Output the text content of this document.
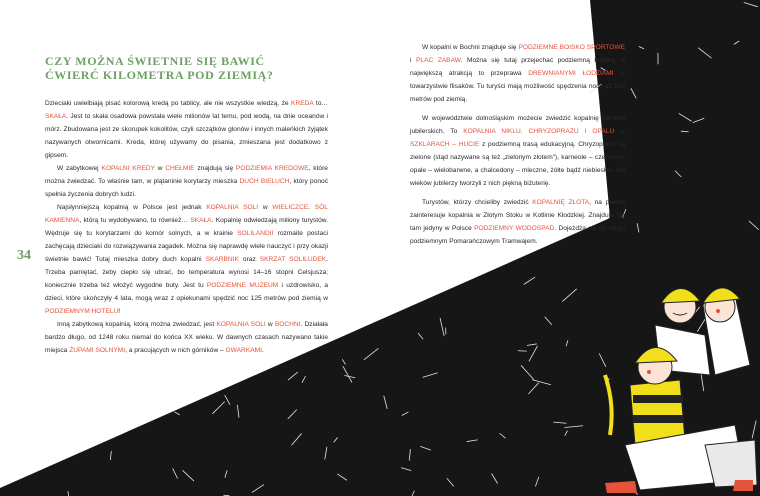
CZY MOŻNA ŚWIETNIE SIĘ BAWIĆ
ĆWIERĆ KILOMETRA POD ZIEMIĄ?
34

Dzieciaki uwielbiają pisać kolorową kredą po tablicy, ale nie wszystkie wiedzą, że KREDA to… SKAŁA. Jest to skała osadowa powstała wiele milionów lat temu, pod wodą, na dnie oceanów i mórz. Zbudowana jest ze skorupek kokolitów, czyli szczątków glonów i innych maleńkich żyjątek nazywanych otwornicami. Kreda, której używamy do pisania, zmieszana jest dodatkowo z gipsem.

W zabytkowej KOPALNI KREDY w CHEŁMIE znajdują się PODZIEMIA KREDOWE, które można zwiedzać. To właśnie tam, w plątaninie korytarzy mieszka DUCH BIELUCH, który ponoć spełnia życzenia dobrych ludzi.

Najsłynniejszą kopalnią w Polsce jest jednak KOPALNIA SOLI w WIELICZCE. SÓL KAMIENNA, którą tu wydobywano, to również… SKAŁA. Kopalnię odwiedzają miliony turystów. Wędruje się tu korytarzami do komór solnych, a w krainie SOLILANDII rozmaite postaci zachęcają dzieciaki do rozwiązywania zagadek. Można się naprawdę wiele nauczyć i przy okazji świetnie bawić! Tutaj mieszka dobry duch kopalni SKARBNIK oraz SKRZAT SOLILUDEK. Trzeba pamiętać, żeby ciepło się ubrać, bo temperatura wynosi 14–16 stopni Celsjusza; koniecznie trzeba też włożyć wygodne buty. Jest tu PODZIEMNE MUZEUM i uzdrowisko, a dzieci, które skończyły 4 lata, mogą wraz z opiekunami spędzić noc 125 metrów pod ziemią w PODZIEMNYM HOTELU!

Inną zabytkową kopalnią, którą można zwiedzać, jest KOPALNIA SOLI w BOCHNI. Działała bardzo długo, od 1248 roku niemal do końca XX wieku. W dawnych czasach nazywano takie miejsca ŻUPAMI SOLNYMI, a pracujących w nich górników – GWARKAMI.

W kopalni w Bochni znajduje się PODZIEMNE BOISKO SPORTOWE i PLAC ZABAW. Można się tutaj przejechać podziemną kolejką, a największą atrakcją to przeprawa DREWNIANYMI ŁODZIAMI w towarzystwie flisaków. Tu turyści mają możliwość spędzenia nocy aż 250 metrów pod ziemią.

W województwie dolnośląskim możecie zwiedzić kopalnię kamieni jubilerskich. To KOPALNIA NIKLU, CHRYZOPRAZU I OPALU w SZKLARACH – HUCIE z podziemną trasą edukacyjną. Chryzoprazy są zielone (stąd nazywane są też „zielonym złotem”), karneole – czerwone, opale – wielobarwne, a chalcedony – mleczne, żółte bądź niebieskie. Od wieków jubilerzy tworzyli z nich piękną biżuterię.

Turystów, którzy chcieliby zwiedzić KOPALNIĘ ZŁOTA, na pewno zainteresuje kopalnia w Złotym Stoku w Kotlinie Kłodzkiej. Znajduje się tam jedyny w Polsce PODZIEMNY WODOSPAD. Dojeżdża się do niego podziemnym Pomarańczowym Tramwajem.
